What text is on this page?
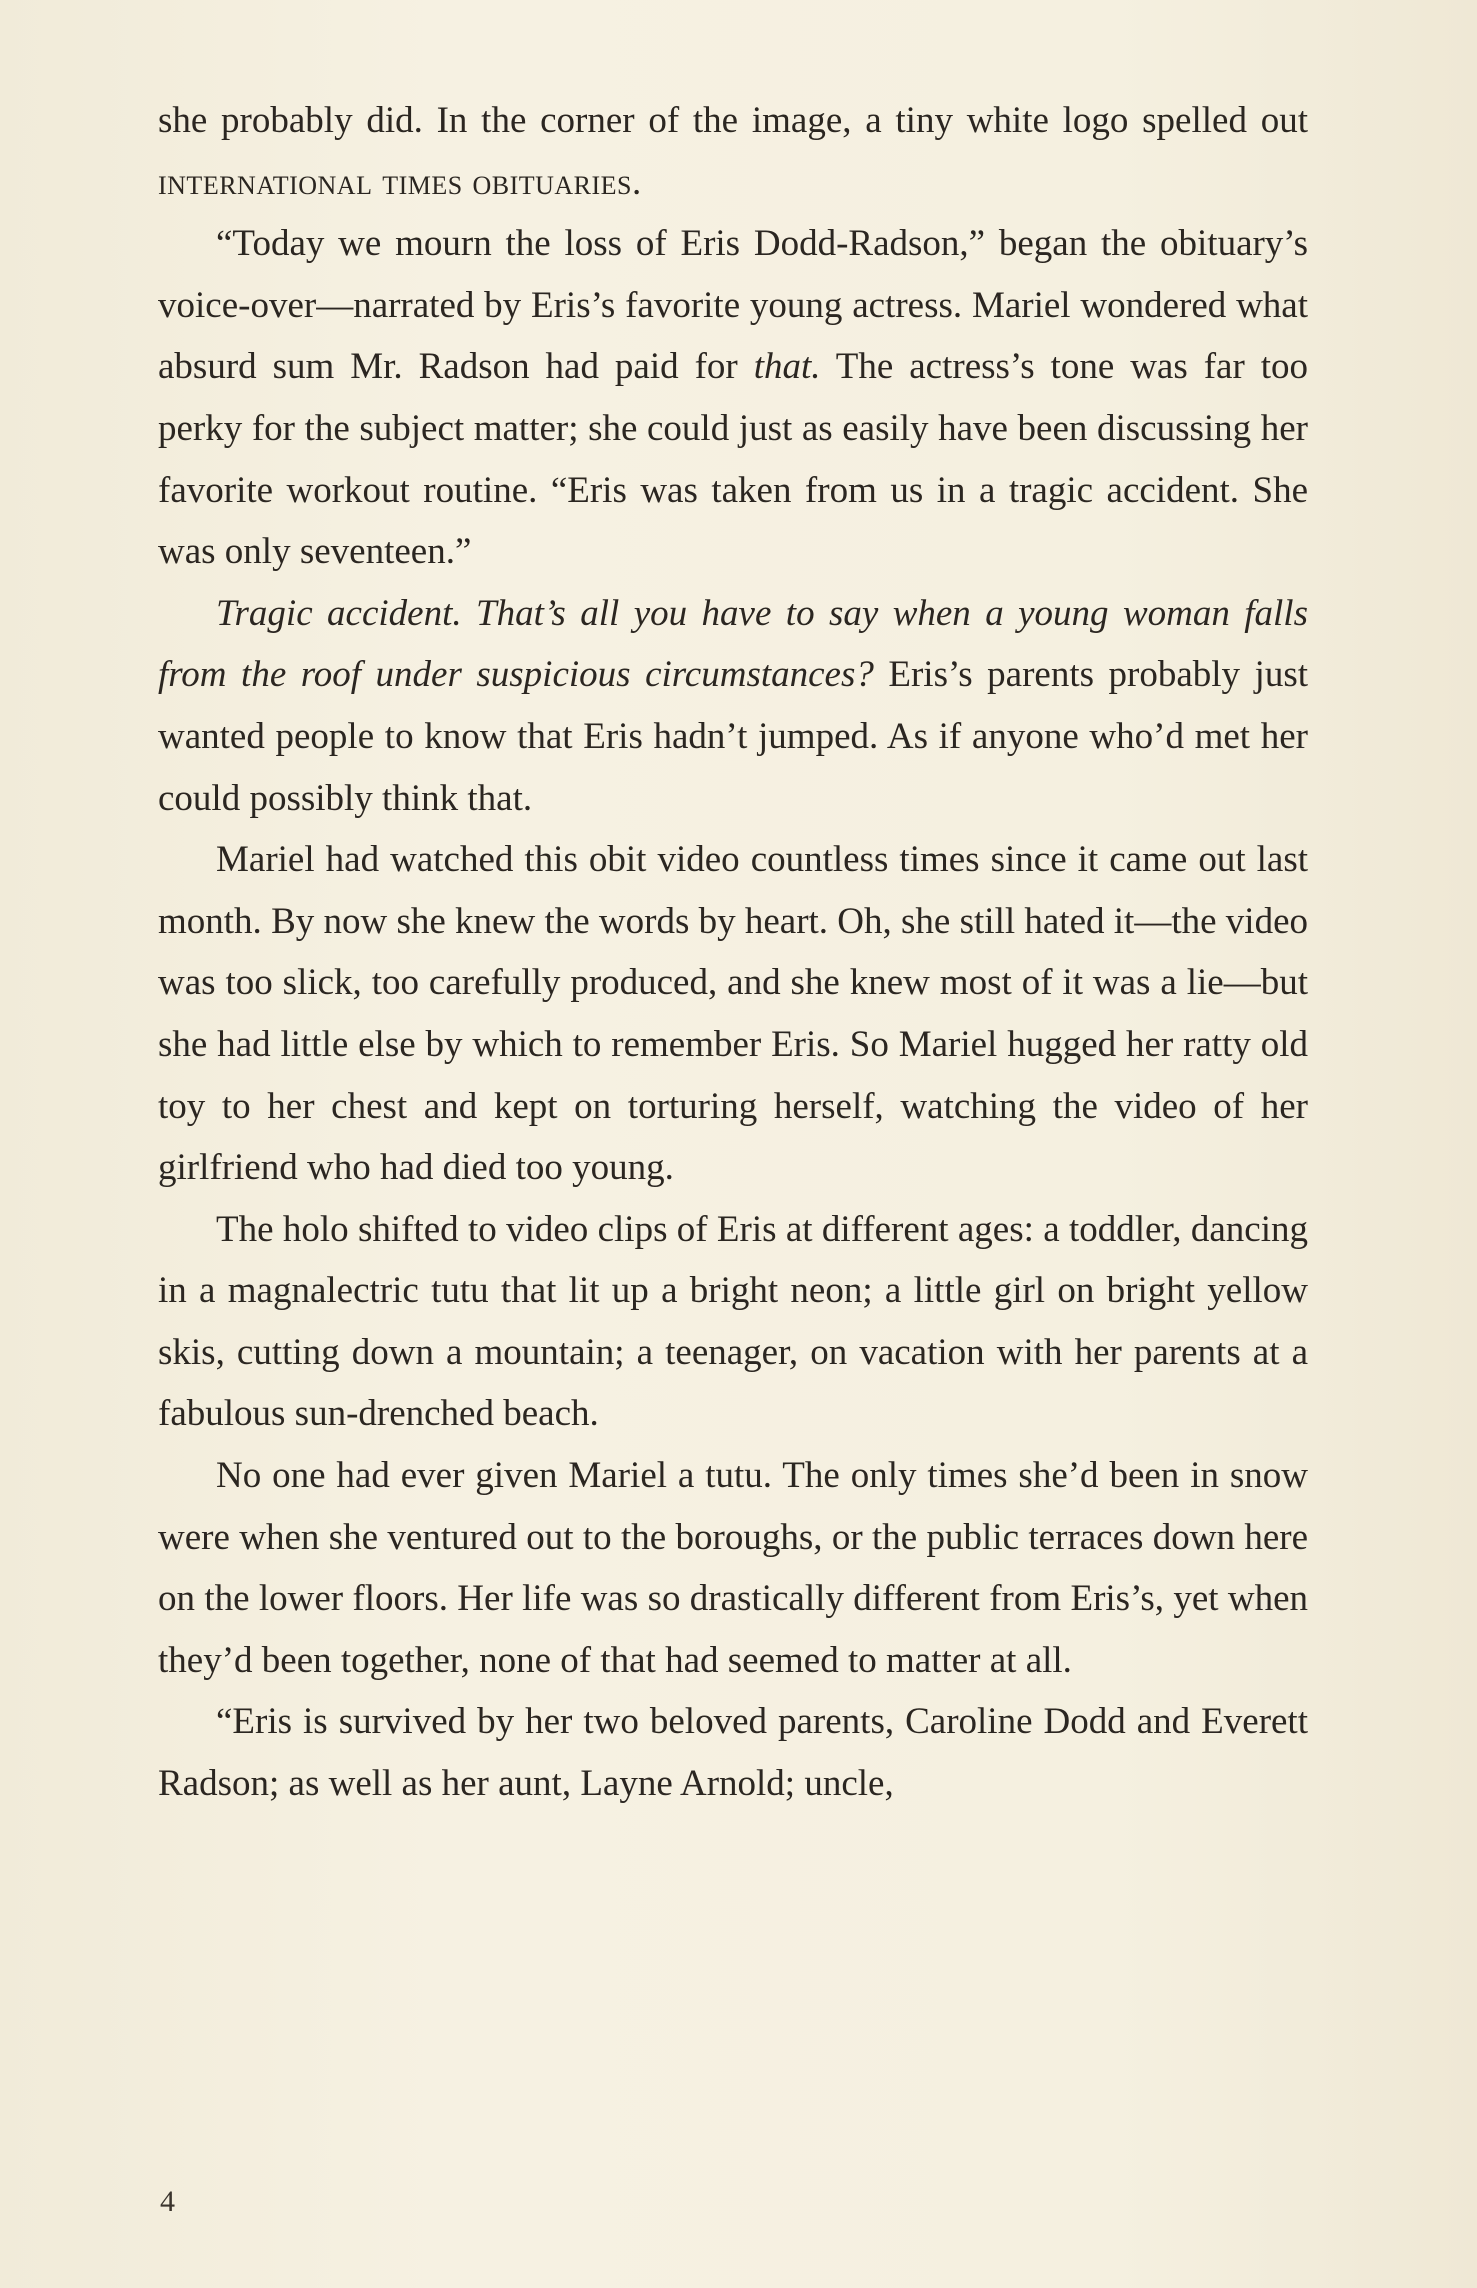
she probably did. In the corner of the image, a tiny white logo spelled out international times obituaries.

“Today we mourn the loss of Eris Dodd-Radson,” began the obituary’s voice-over—narrated by Eris’s favorite young actress. Mariel wondered what absurd sum Mr. Radson had paid for that. The actress’s tone was far too perky for the subject matter; she could just as easily have been discussing her favorite workout routine. “Eris was taken from us in a tragic accident. She was only seventeen.”

Tragic accident. That’s all you have to say when a young woman falls from the roof under suspicious circumstances? Eris’s parents probably just wanted people to know that Eris hadn’t jumped. As if anyone who’d met her could possibly think that.

Mariel had watched this obit video countless times since it came out last month. By now she knew the words by heart. Oh, she still hated it—the video was too slick, too carefully produced, and she knew most of it was a lie—but she had little else by which to remember Eris. So Mariel hugged her ratty old toy to her chest and kept on torturing herself, watching the video of her girlfriend who had died too young.

The holo shifted to video clips of Eris at different ages: a toddler, dancing in a magnalectric tutu that lit up a bright neon; a little girl on bright yellow skis, cutting down a mountain; a teenager, on vacation with her parents at a fabulous sun-drenched beach.

No one had ever given Mariel a tutu. The only times she’d been in snow were when she ventured out to the boroughs, or the public terraces down here on the lower floors. Her life was so drastically different from Eris’s, yet when they’d been together, none of that had seemed to matter at all.

“Eris is survived by her two beloved parents, Caroline Dodd and Everett Radson; as well as her aunt, Layne Arnold; uncle,

4
